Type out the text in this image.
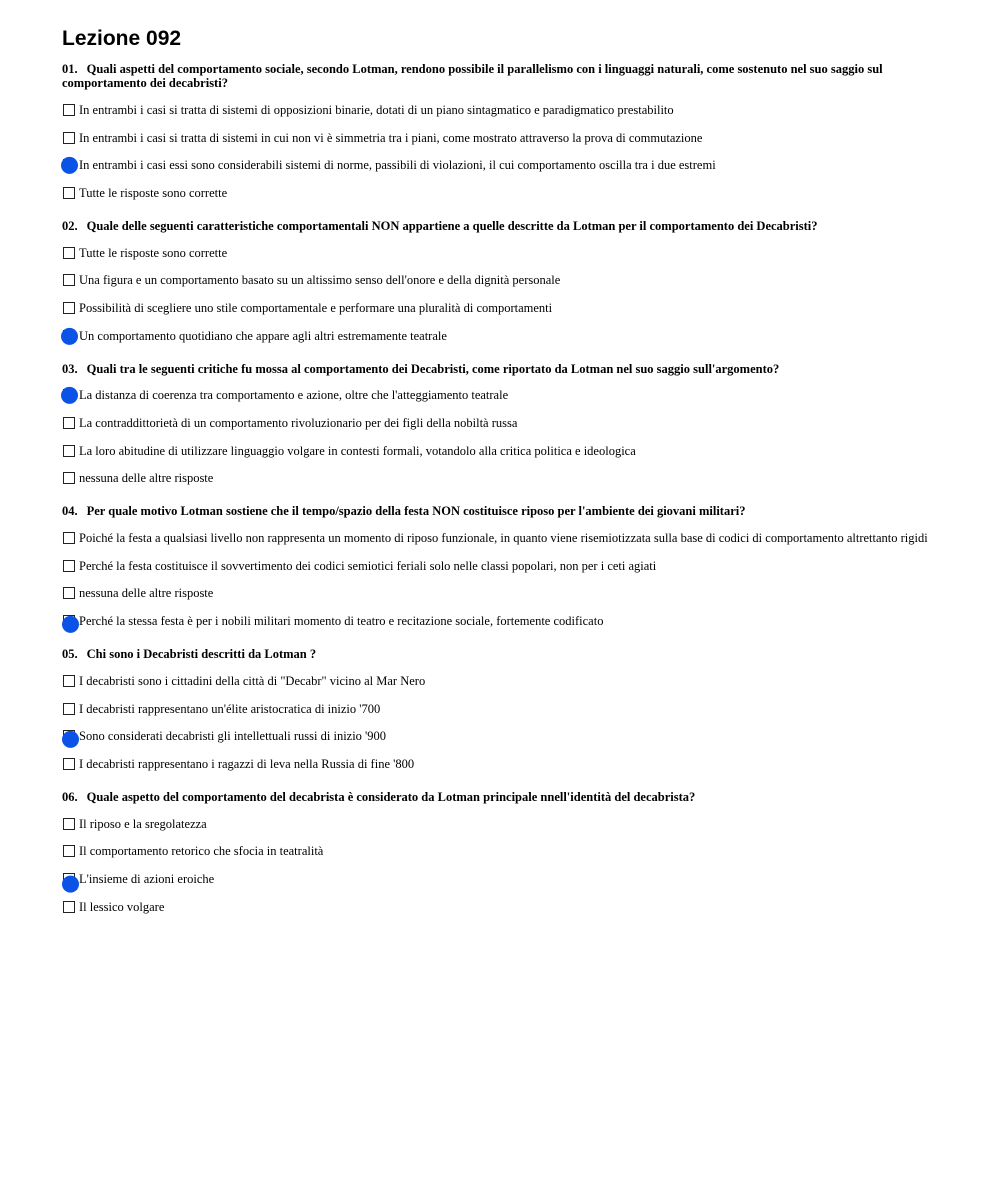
Lezione 092
01. Quali aspetti del comportamento sociale, secondo Lotman, rendono possibile il parallelismo con i linguaggi naturali, come sostenuto nel suo saggio sul comportamento dei decabristi?
In entrambi i casi si tratta di sistemi di opposizioni binarie, dotati di un piano sintagmatico e paradigmatico prestabilito
In entrambi i casi si tratta di sistemi in cui non vi è simmetria tra i piani, come mostrato attraverso la prova di commutazione
In entrambi i casi essi sono considerabili sistemi di norme, passibili di violazioni, il cui comportamento oscilla tra i due estremi
Tutte le risposte sono corrette
02. Quale delle seguenti caratteristiche comportamentali NON appartiene a quelle descritte da Lotman per il comportamento dei Decabristi?
Tutte le risposte sono corrette
Una figura e un comportamento basato su un altissimo senso dell'onore e della dignità personale
Possibilità di scegliere uno stile comportamentale e performare una pluralità di comportamenti
Un comportamento quotidiano che appare agli altri estremamente teatrale
03. Quali tra le seguenti critiche fu mossa al comportamento dei Decabristi, come riportato da Lotman nel suo saggio sull'argomento?
La distanza di coerenza tra comportamento e azione, oltre che l'atteggiamento teatrale
La contraddittorietà di un comportamento rivoluzionario per dei figli della nobiltà russa
La loro abitudine di utilizzare linguaggio volgare in contesti formali, votandolo alla critica politica e ideologica
nessuna delle altre risposte
04. Per quale motivo Lotman sostiene che il tempo/spazio della festa NON costituisce riposo per l'ambiente dei giovani militari?
Poiché la festa a qualsiasi livello non rappresenta un momento di riposo funzionale, in quanto viene risemiotizzata sulla base di codici di comportamento altrettanto rigidi
Perché la festa costituisce il sovvertimento dei codici semiotici feriali solo nelle classi popolari, non per i ceti agiati
nessuna delle altre risposte
Perché la stessa festa è per i nobili militari momento di teatro e recitazione sociale, fortemente codificato
05. Chi sono i Decabristi descritti da Lotman ?
I decabristi sono i cittadini della città di "Decabr" vicino al Mar Nero
I decabristi rappresentano un'élite aristocratica di inizio '700
Sono considerati decabristi gli intellettuali russi di inizio '900
I decabristi rappresentano i ragazzi di leva nella Russia di fine '800
06. Quale aspetto del comportamento del decabrista è considerato da Lotman principale nnell'identità del decabrista?
Il riposo e la sregolatezza
Il comportamento retorico che sfocia in teatralità
L'insieme di azioni eroiche
Il lessico volgare
